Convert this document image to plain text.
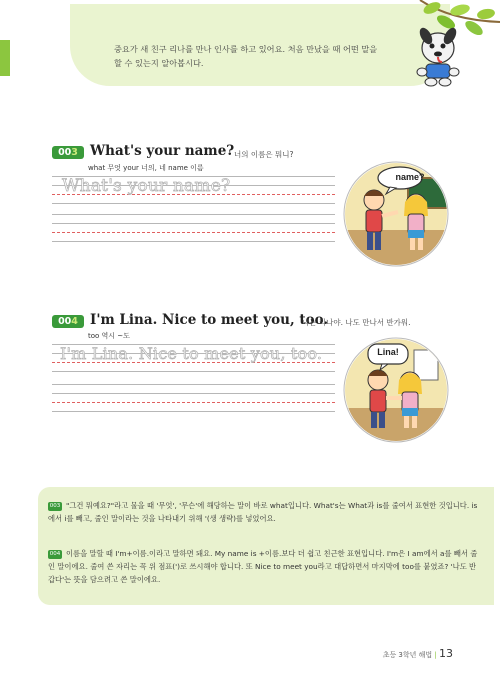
중요가 새 친구 리나를 만나 인사를 하고 있어요. 처음 만났을 때 어떤 말을 할 수 있는지 알아봅시다.
003 What's your name? 너의 이름은 뭐니?
what 무엇 your 너의, 네 name 이름
What's your name?	name?
004 I'm Lina. Nice to meet you, too.
나는 리나야. 나도 만나서 반가워.
too 역시 ~도
I'm Lina. Nice to meet you, too.	Lina!
003 "그건 뭐예요?"라고 물을 때 '무엇', '무슨'에 해당하는 말이 바로 what입니다. What's는 What과 is를 줄여서 표현한 것입니다. is에서 i를 빼고, 줄인 말이라는 것을 나타내기 위해 '(생 생략)를 넣었어요.
004 이름을 말할 때 I'm+이름.이라고 말하면 돼요. My name is +이름.보다 더 쉽고 친근한 표현입니다. I'm은 I am에서 a를 빼서 줄인 말이에요. 줄여 쓴 자리는 꼭 위 점표(')로 쓰시해야 합니다. 또 Nice to meet you라고 대답하면서 마지막에 too를 붙였죠? '나도 반갑다'는 뜻을 담으려고 쓴 말이에요.
초등 3학년 해법 | 13
